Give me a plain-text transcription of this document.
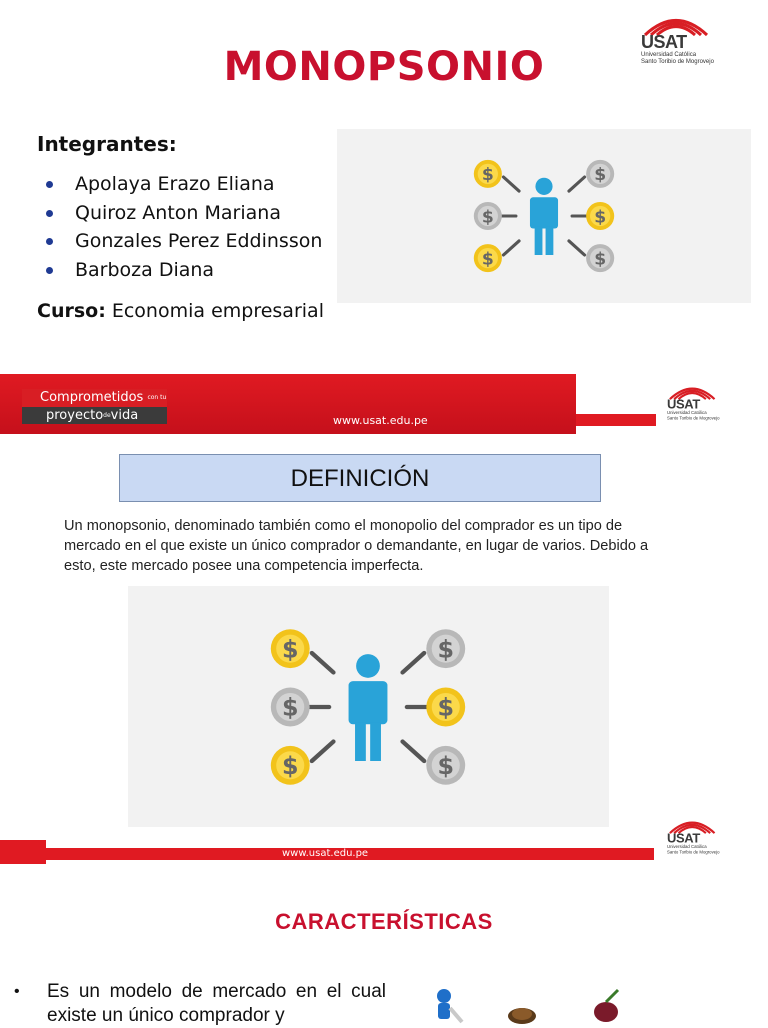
USAT
Universidad Católica
Santo Toribio de Mogrovejo
MONOPSONIO
Integrantes:
Apolaya Erazo Eliana
Quiroz Anton Mariana
Gonzales Perez Eddinsson
Barboza Diana
Curso: Economia empresarial
$	$
$	$
$	$
Comprometidos $^{con tu}$
proyecto$^{de}$vida	www.usat.edu.pe
USAT
Universidad Católica
Santo Toribio de Mogrovejo
DEFINICIÓN

Un monopsonio, denominado también como el monopolio del comprador es un tipo de mercado en el que existe un único comprador o demandante, en lugar de varios. Debido a esto, este mercado posee una competencia imperfecta.

$	$
$	$
$	$
www.usat.edu.pe
USAT
Universidad Católica
Santo Toribio de Mogrovejo
CARACTERÍSTICAS
• Es un modelo de mercado en el cual existe un único comprador y
